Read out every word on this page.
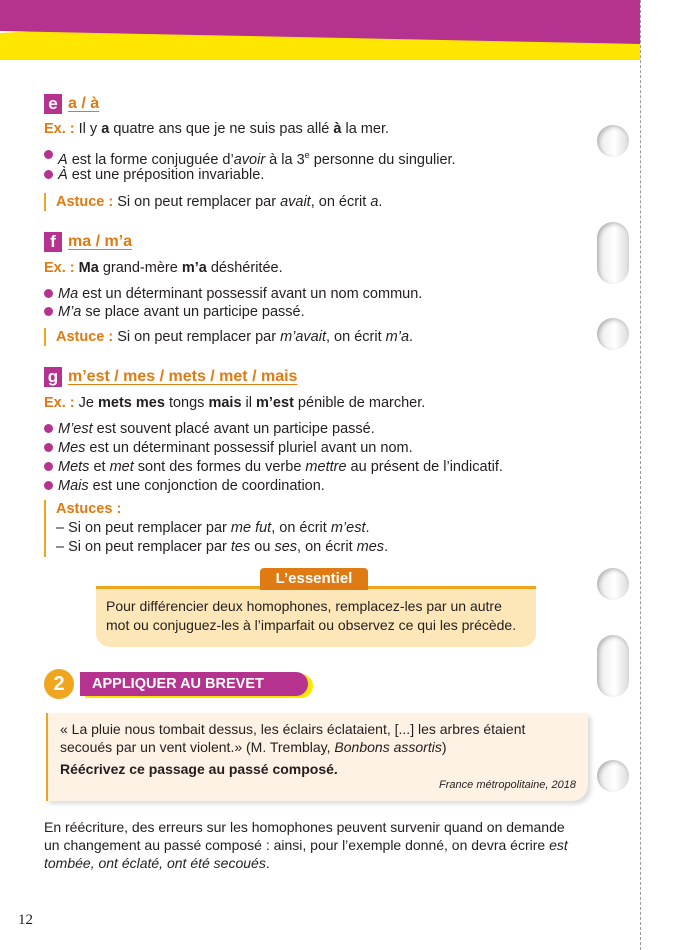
e a / à
Ex. : Il y a quatre ans que je ne suis pas allé à la mer.
A est la forme conjuguée d’avoir à la 3e personne du singulier.
À est une préposition invariable.
Astuce : Si on peut remplacer par avait, on écrit a.
f ma / m’a
Ex. : Ma grand-mère m’a déshéritée.
Ma est un déterminant possessif avant un nom commun.
M’a se place avant un participe passé.
Astuce : Si on peut remplacer par m’avait, on écrit m’a.
g m’est / mes / mets / met / mais
Ex. : Je mets mes tongs mais il m’est pénible de marcher.
M’est est souvent placé avant un participe passé.
Mes est un déterminant possessif pluriel avant un nom.
Mets et met sont des formes du verbe mettre au présent de l’indicatif.
Mais est une conjonction de coordination.
Astuces :
– Si on peut remplacer par me fut, on écrit m’est.
– Si on peut remplacer par tes ou ses, on écrit mes.
Pour différencier deux homophones, remplacez-les par un autre
mot ou conjuguez-les à l’imparfait ou observez ce qui les précède.
L’essentiel
2	APPLIQUER AU BREVET
« La pluie nous tombait dessus, les éclairs éclataient, [...] les arbres étaient
secoués par un vent violent.» (M. Tremblay, Bonbons assortis)
Réécrivez ce passage au passé composé.
France métropolitaine, 2018
En réécriture, des erreurs sur les homophones peuvent survenir quand on demande
un changement au passé composé : ainsi, pour l’exemple donné, on devra écrire est
tombée, ont éclaté, ont été secoués.
12
